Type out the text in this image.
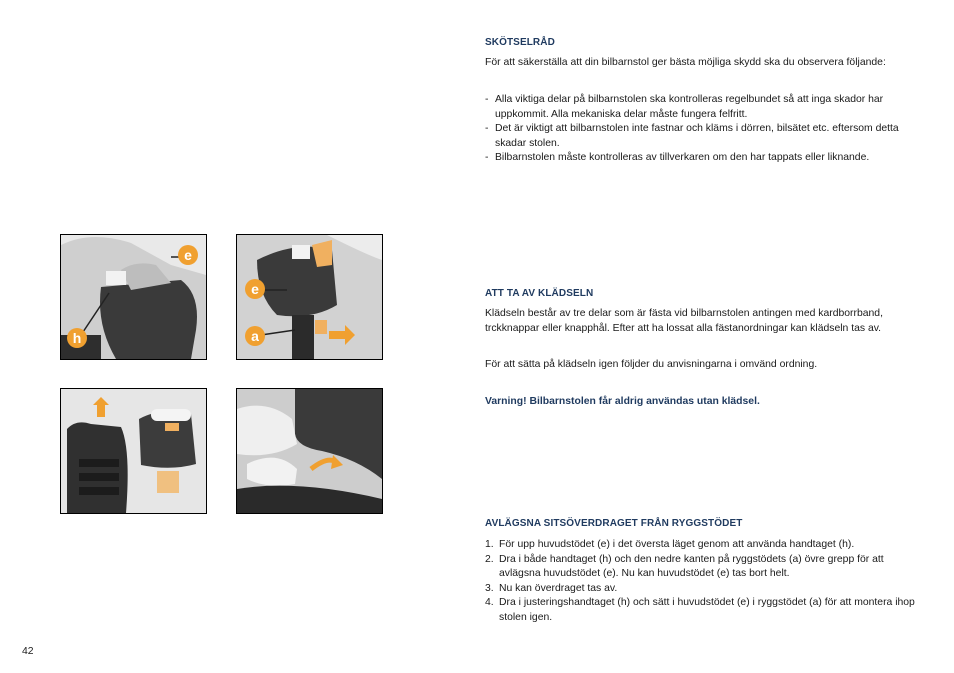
e
h
e
a
SKÖTSELRÅD
För att säkerställa att din bilbarnstol ger bästa möjliga skydd ska du observera följande:
- Alla viktiga delar på bilbarnstolen ska kontrolleras regelbundet så att inga skador har uppkommit. Alla mekaniska delar måste fungera felfritt.
- Det är viktigt att bilbarnstolen inte fastnar och kläms i dörren, bilsätet etc. eftersom detta skadar stolen.
- Bilbarnstolen måste kontrolleras av tillverkaren om den har tappats eller liknande.
ATT TA AV KLÄDSELN
Klädseln består av tre delar som är fästa vid bilbarnstolen antingen med kardborrband, trckknappar eller knapphål. Efter att ha lossat alla fästanordningar kan klädseln tas av.
För att sätta på klädseln igen följder du anvisningarna i omvänd ordning.
Varning! Bilbarnstolen får aldrig användas utan klädsel.
AVLÄGSNA SITSÖVERDRAGET FRÅN RYGGSTÖDET
1. För upp huvudstödet (e) i det översta läget genom att använda handtaget (h).
2. Dra i både handtaget (h) och den nedre kanten på ryggstödets (a) övre grepp för att avlägsna huvudstödet (e). Nu kan huvudstödet (e) tas bort helt.
3. Nu kan överdraget tas av.
4. Dra i justeringshandtaget (h) och sätt i huvudstödet (e) i ryggstödet (a) för att montera ihop stolen igen.
42
